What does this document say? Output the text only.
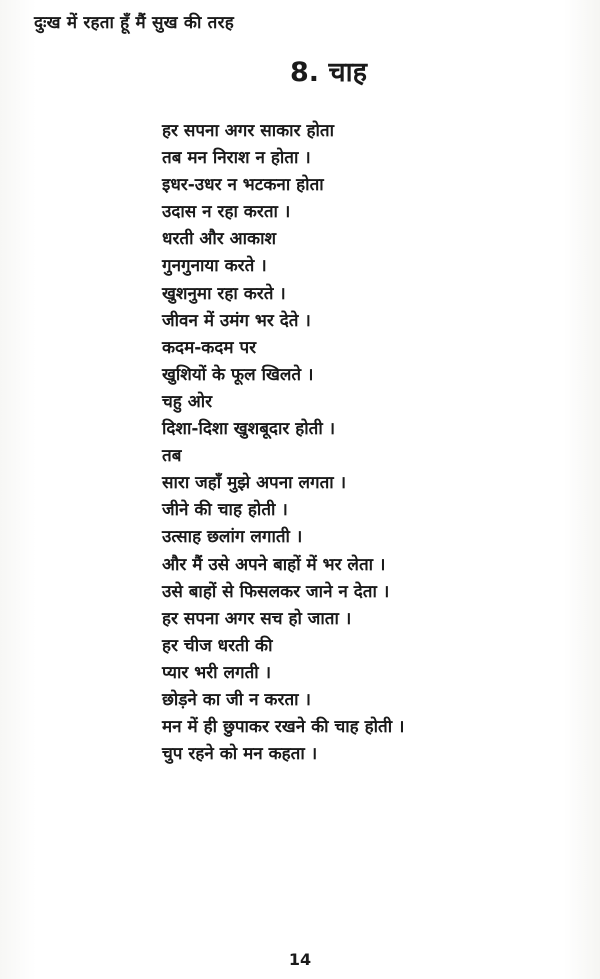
दुःख में रहता हूँ मैं सुख की तरह
8. चाह
हर सपना अगर साकार होता
तब मन निराश न होता ।
इधर-उधर न भटकना होता
उदास न रहा करता ।
धरती और आकाश
गुनगुनाया करते ।
खुशनुमा रहा करते ।
जीवन में उमंग भर देते ।
कदम-कदम पर
खुशियों के फूल खिलते ।
चहु ओर
दिशा-दिशा खुशबूदार होती ।
तब
सारा जहाँ मुझे अपना लगता ।
जीने की चाह होती ।
उत्साह छलांग लगाती ।
और मैं उसे अपने बाहों में भर लेता ।
उसे बाहों से फिसलकर जाने न देता ।
हर सपना अगर सच हो जाता ।
हर चीज धरती की
प्यार भरी लगती ।
छोड़ने का जी न करता ।
मन में ही छुपाकर रखने की चाह होती ।
चुप रहने को मन कहता ।
14
